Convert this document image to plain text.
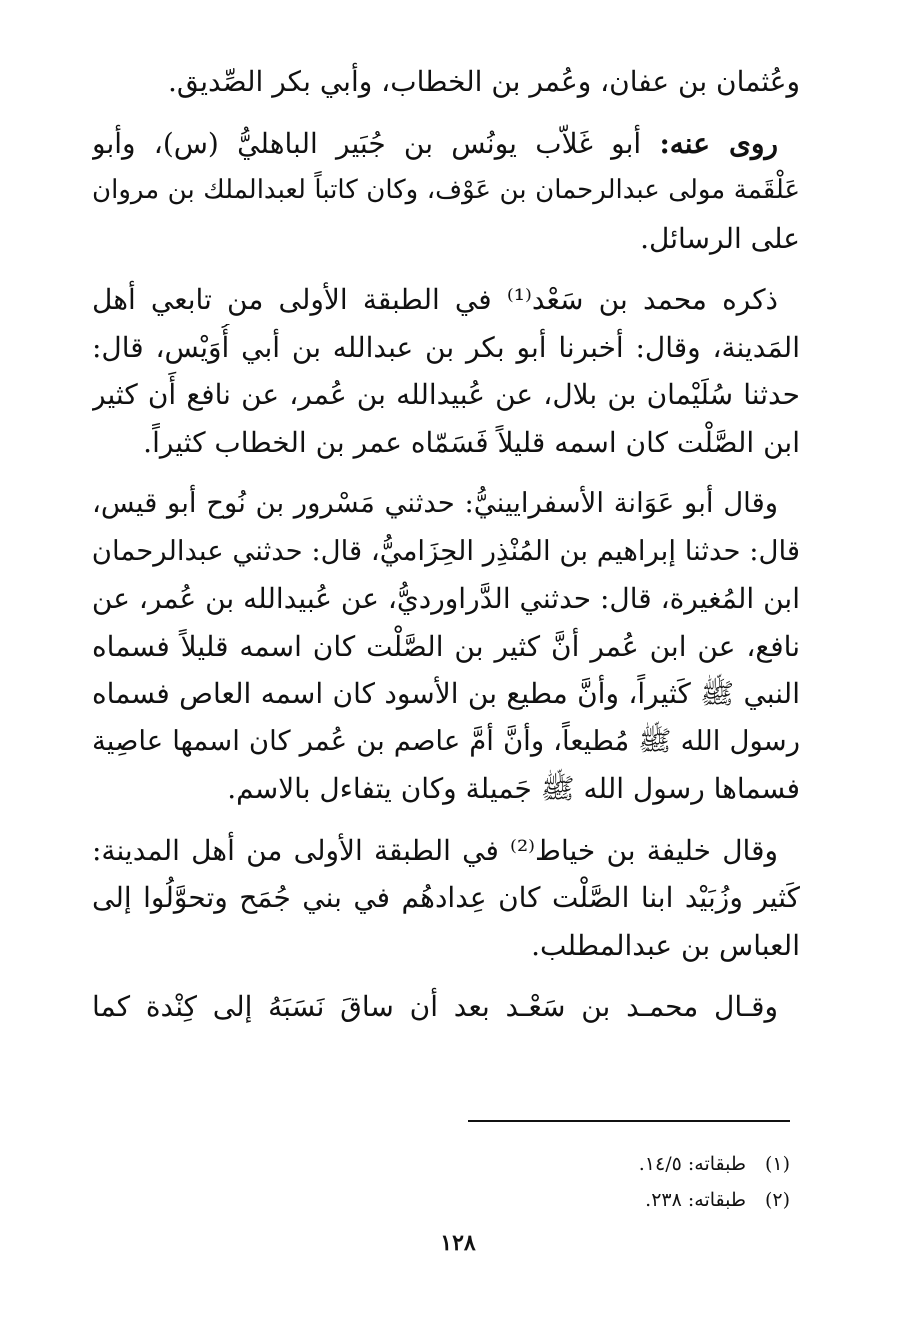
وعُثمان بن عفان، وعُمر بن الخطاب، وأبي بكر الصِّديق.
روى عنه: أبو غَلاّب يونُس بن جُبَير الباهليُّ (س)، وأبو
عَلْقَمة مولى عبدالرحمان بن عَوْف، وكان كاتباً لعبدالملك بن مروان
على الرسائل.
ذكره محمد بن سَعْد⁽¹⁾ في الطبقة الأولى من تابعي أهل
المَدينة، وقال: أخبرنا أبو بكر بن عبدالله بن أبي أُوَيْس، قال:
حدثنا سُلَيْمان بن بلال، عن عُبيدالله بن عُمر، عن نافع أَن كثير
ابن الصَّلْت كان اسمه قليلاً فَسَمّاه عمر بن الخطاب كثيراً.
وقال أبو عَوَانة الأسفرايينيُّ: حدثني مَسْرور بن نُوح أبو قيس،
قال: حدثنا إبراهيم بن المُنْذِر الحِزَاميُّ، قال: حدثني عبدالرحمان
ابن المُغيرة، قال: حدثني الدَّراورديُّ، عن عُبيدالله بن عُمر، عن
نافع، عن ابن عُمر أنَّ كثير بن الصَّلْت كان اسمه قليلاً فسماه
النبي ﷺ كَثيراً، وأنَّ مطيع بن الأسود كان اسمه العاص فسماه
رسول الله ﷺ مُطيعاً، وأنَّ أمَّ عاصم بن عُمر كان اسمها عاصِية
فسماها رسول الله ﷺ جَميلة وكان يتفاءل بالاسم.
وقال خليفة بن خياط⁽²⁾ في الطبقة الأولى من أهل المدينة:
كَثير وزُبَيْد ابنا الصَّلْت كان عِدادهُم في بني جُمَح وتحوَّلُوا إلى
العباس بن عبدالمطلب.
وقـال محمـد بن سَعْـد بعد أن ساقَ نَسَبَهُ إلى كِنْدة كما
(١)طبقاته: ١٤/٥.
(٢)طبقاته: ٢٣٨.
١٢٨
